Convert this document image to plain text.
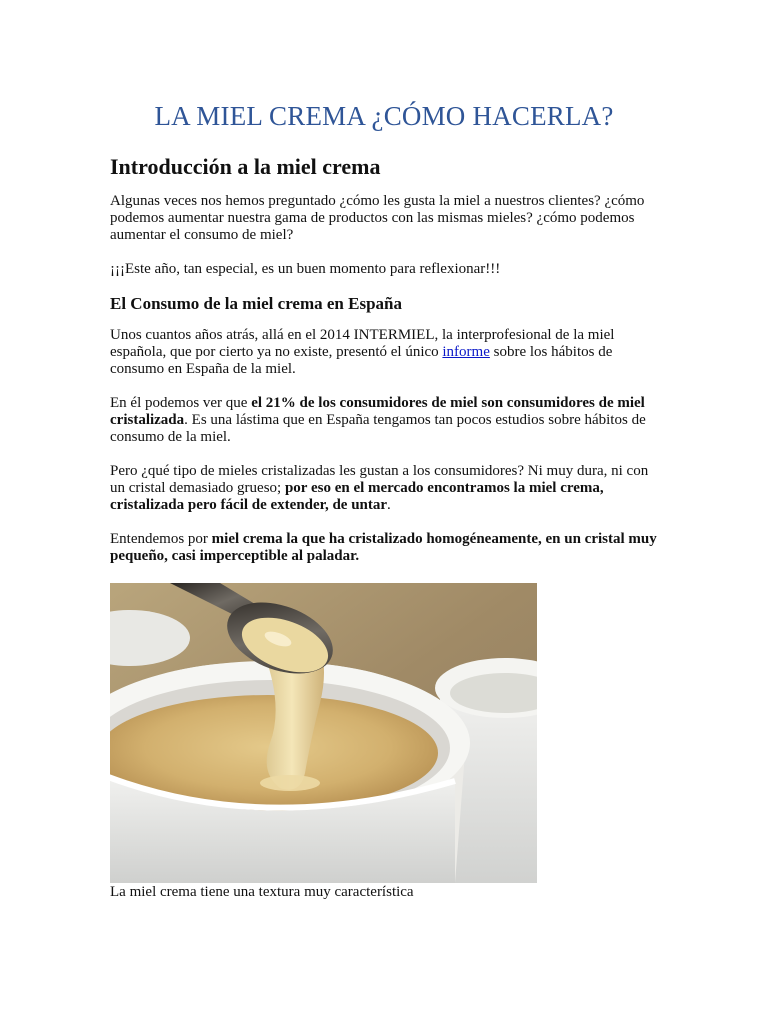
LA MIEL CREMA ¿CÓMO HACERLA?
Introducción a la miel crema

Algunas veces nos hemos preguntado ¿cómo les gusta la miel a nuestros clientes? ¿cómo podemos aumentar nuestra gama de productos con las mismas mieles? ¿cómo podemos aumentar el consumo de miel?

¡¡¡Este año, tan especial, es un buen momento para reflexionar!!!

El Consumo de la miel crema en España

Unos cuantos años atrás, allá en el 2014 INTERMIEL, la interprofesional de la miel española, que por cierto ya no existe, presentó el único informe sobre los hábitos de consumo en España de la miel.

En él podemos ver que el 21% de los consumidores de miel son consumidores de miel cristalizada. Es una lástima que en España tengamos tan pocos estudios sobre hábitos de consumo de la miel.

Pero ¿qué tipo de mieles cristalizadas les gustan a los consumidores? Ni muy dura, ni con un cristal demasiado grueso; por eso en el mercado encontramos la miel crema, cristalizada pero fácil de extender, de untar.

Entendemos por miel crema la que ha cristalizado homogéneamente, en un cristal muy pequeño, casi imperceptible al paladar.

La miel crema tiene una textura muy característica
